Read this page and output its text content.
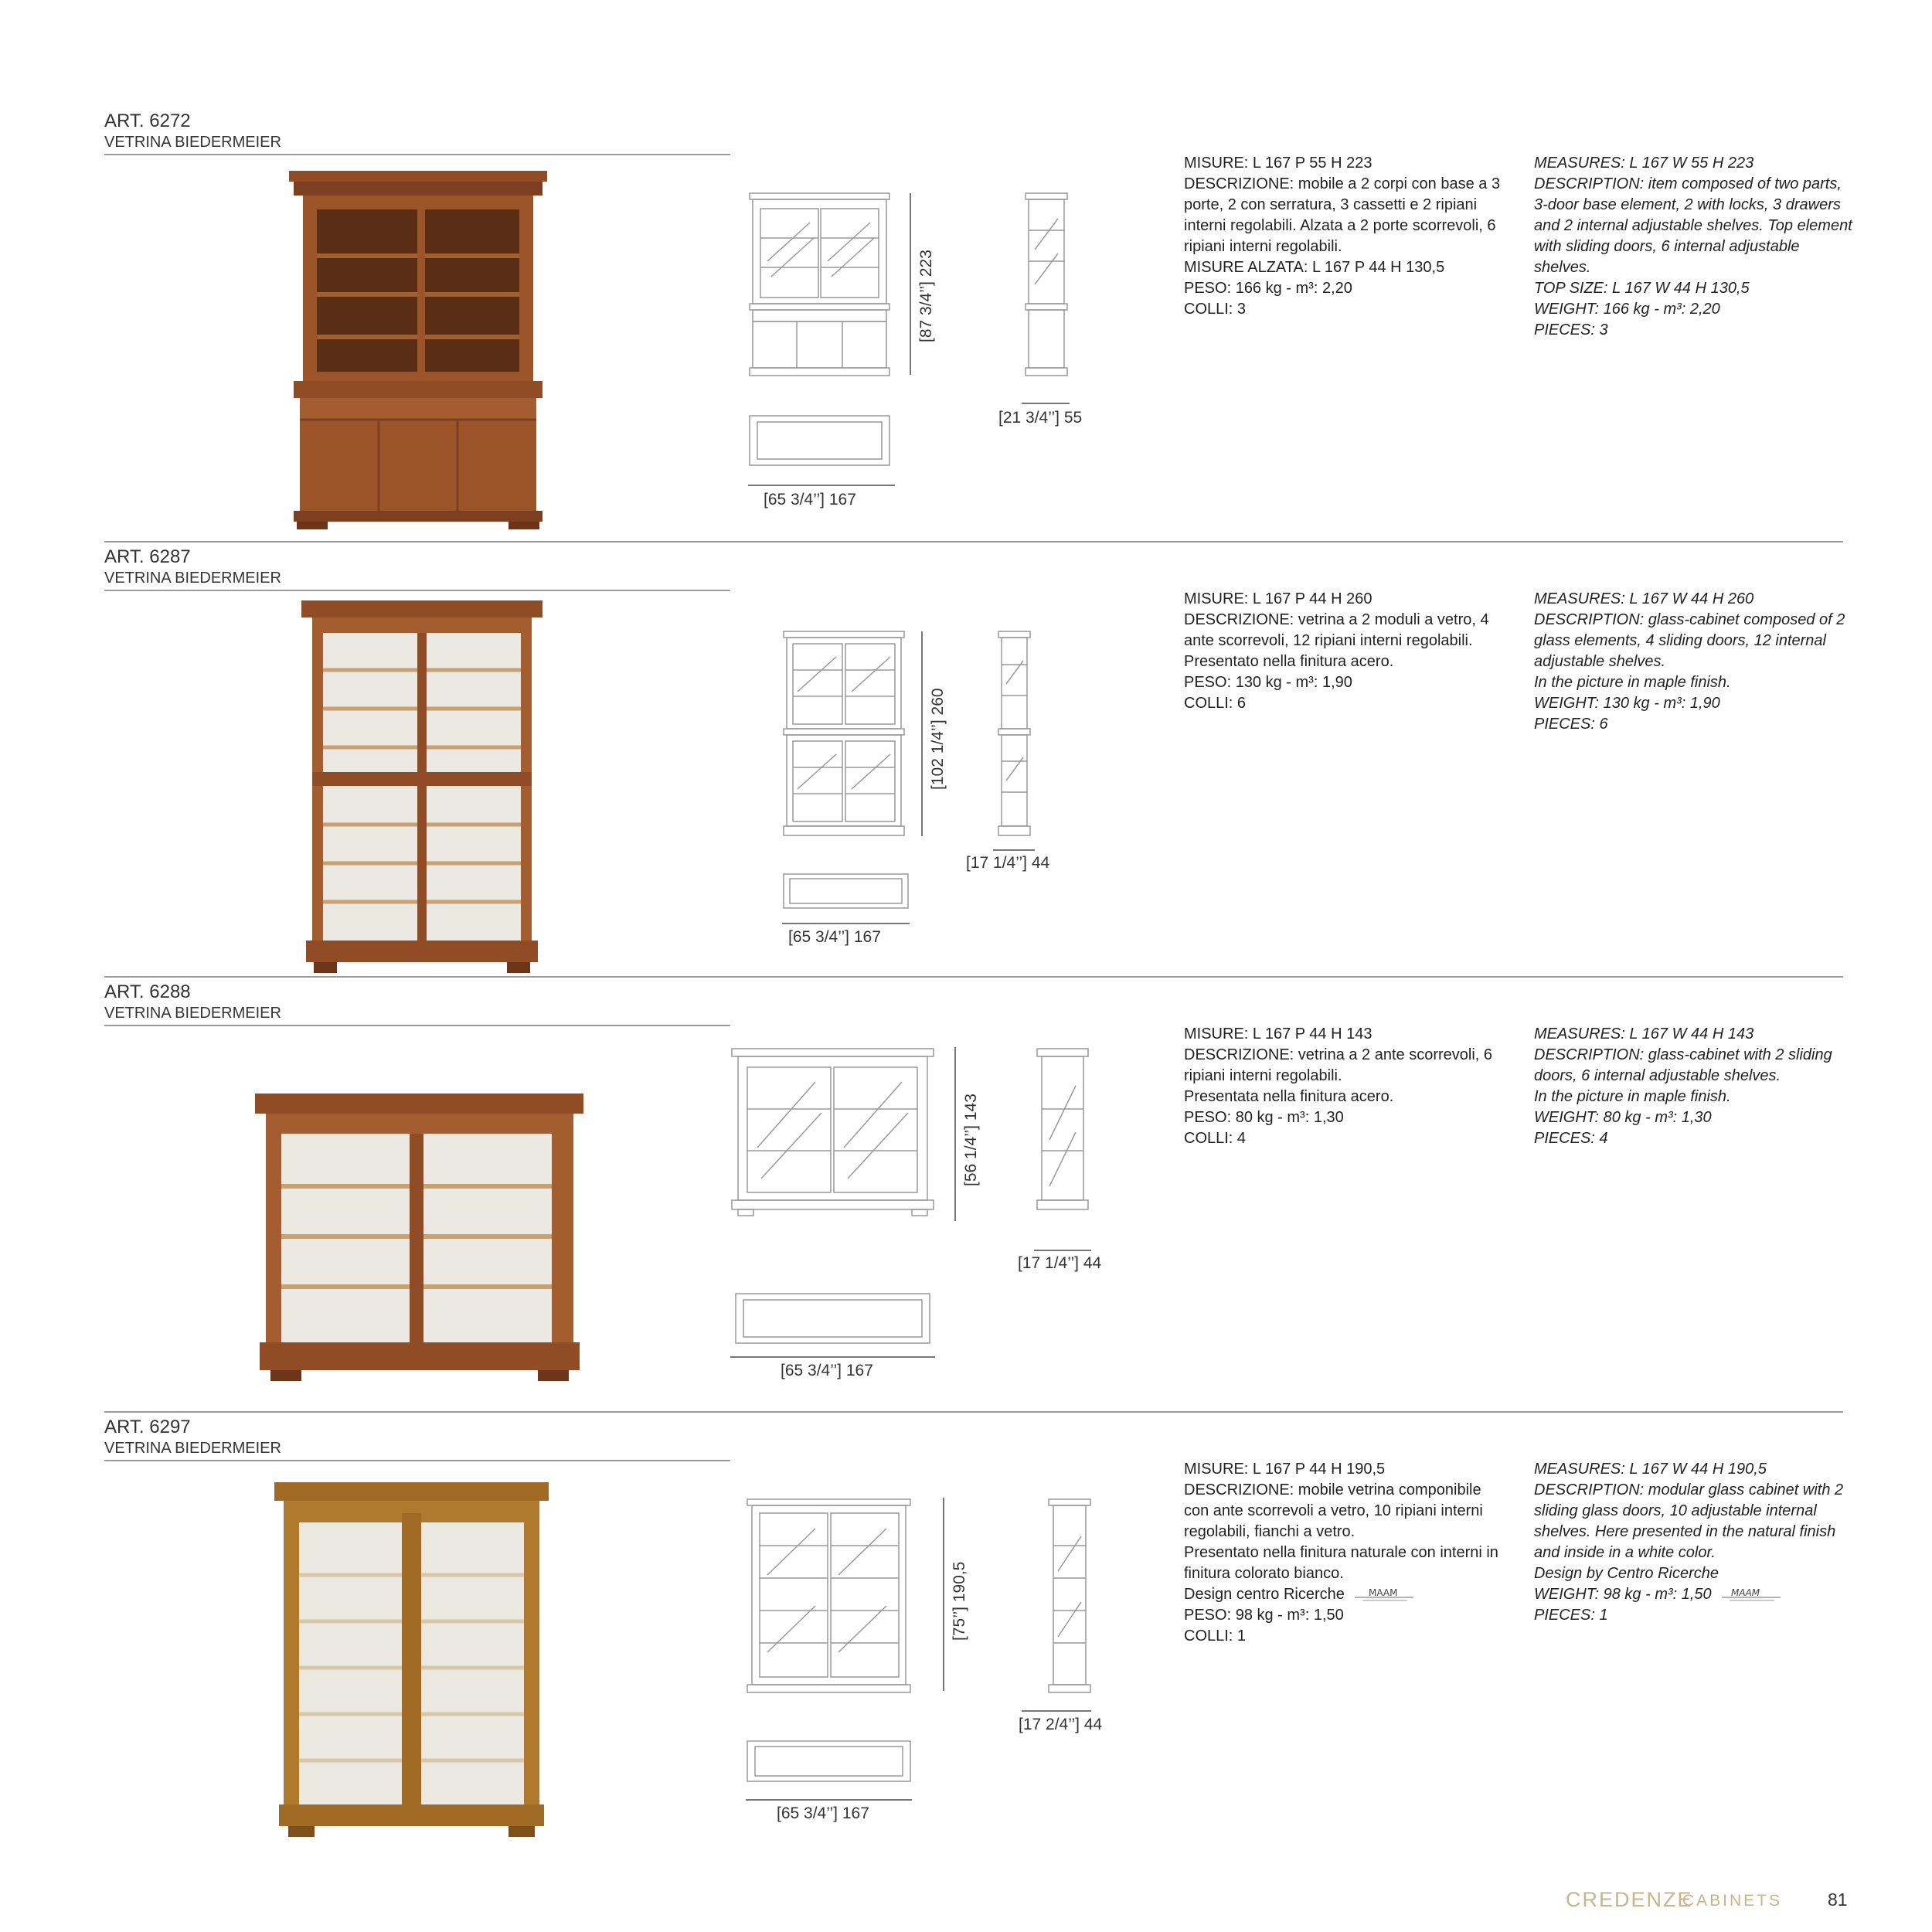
ART. 6272
VETRINA BIEDERMEIER
[87 3/4’’] 223
[21 3/4’’] 55
[65 3/4’’] 167
MISURE: L 167 P 55 H 223
DESCRIZIONE: mobile a 2 corpi con base a 3 porte, 2 con serratura, 3 cassetti e 2 ripiani interni regolabili. Alzata a 2 porte scorrevoli, 6 ripiani interni regolabili.
MISURE ALZATA: L 167 P 44 H 130,5
PESO: 166 kg - m³: 2,20
COLLI: 3
MEASURES: L 167 W 55 H 223
DESCRIPTION: item composed of two parts, 3-door base element, 2 with locks, 3 drawers and 2 internal adjustable shelves. Top element with sliding doors, 6 internal adjustable shelves.
TOP SIZE: L 167 W 44 H 130,5
WEIGHT: 166 kg - m³: 2,20
PIECES: 3
ART. 6287
VETRINA BIEDERMEIER
[102 1/4’’] 260
[17 1/4’’] 44
[65 3/4’’] 167
MISURE: L 167 P 44 H 260
DESCRIZIONE: vetrina a 2 moduli a vetro, 4 ante scorrevoli, 12 ripiani interni regolabili.
Presentato nella finitura acero.
PESO: 130 kg - m³: 1,90
COLLI: 6
MEASURES: L 167 W 44 H 260
DESCRIPTION: glass-cabinet composed of 2 glass elements, 4 sliding doors, 12 internal adjustable shelves.
In the picture in maple finish.
WEIGHT: 130 kg - m³: 1,90
PIECES: 6
ART. 6288
VETRINA BIEDERMEIER
[56 1/4’’] 143
[17 1/4’’] 44
[65 3/4’’] 167
MISURE: L 167 P 44 H 143
DESCRIZIONE: vetrina a 2 ante scorrevoli, 6 ripiani interni regolabili.
Presentata nella finitura acero.
PESO: 80 kg - m³: 1,30
COLLI: 4
MEASURES: L 167 W 44 H 143
DESCRIPTION: glass-cabinet with 2 sliding doors, 6 internal adjustable shelves.
In the picture in maple finish.
WEIGHT: 80 kg - m³: 1,30
PIECES: 4
ART. 6297
VETRINA BIEDERMEIER
[75’’] 190,5
[17 2/4’’] 44
[65 3/4’’] 167
MISURE: L 167 P 44 H 190,5
DESCRIZIONE: mobile vetrina componibile con ante scorrevoli a vetro, 10 ripiani interni regolabili, fianchi a vetro.
Presentato nella finitura naturale con interni in finitura colorato bianco.
Design centro Ricerche	MAAM
PESO: 98 kg - m³: 1,50
COLLI: 1
MEASURES: L 167 W 44 H 190,5
DESCRIPTION: modular glass cabinet with 2 sliding glass doors, 10 adjustable internal shelves. Here presented in the natural finish and inside in a white color.
Design by Centro Ricerche
WEIGHT: 98 kg - m³: 1,50 MAAM
PIECES: 1
CREDENZE
CABINETS	81
